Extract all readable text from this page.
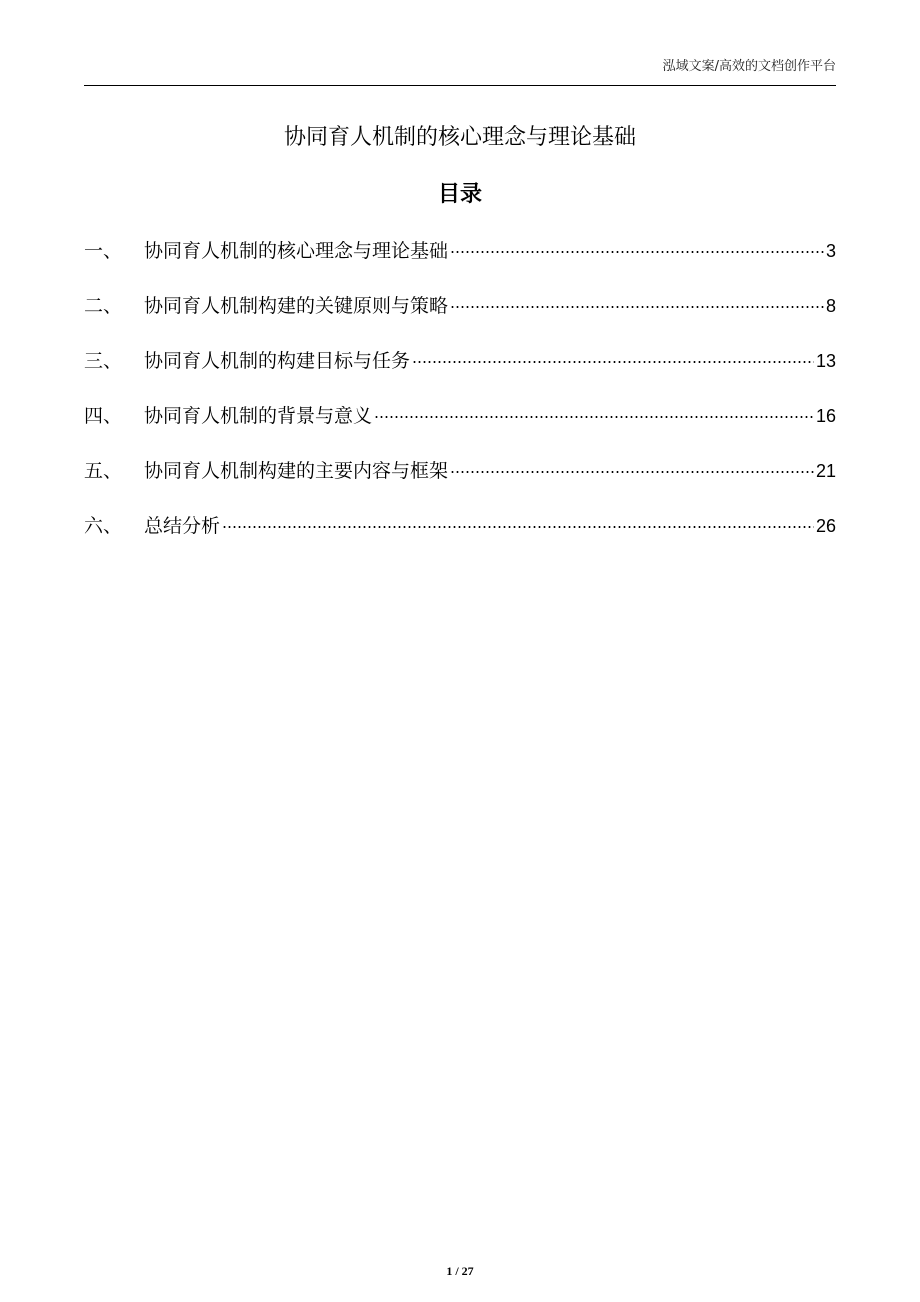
泓域文案/高效的文档创作平台
协同育人机制的核心理念与理论基础
目录
一、	协同育人机制的核心理念与理论基础	3
二、	协同育人机制构建的关键原则与策略	8
三、	协同育人机制的构建目标与任务	13
四、	协同育人机制的背景与意义	16
五、	协同育人机制构建的主要内容与框架	21
六、	总结分析	26
1 / 27
